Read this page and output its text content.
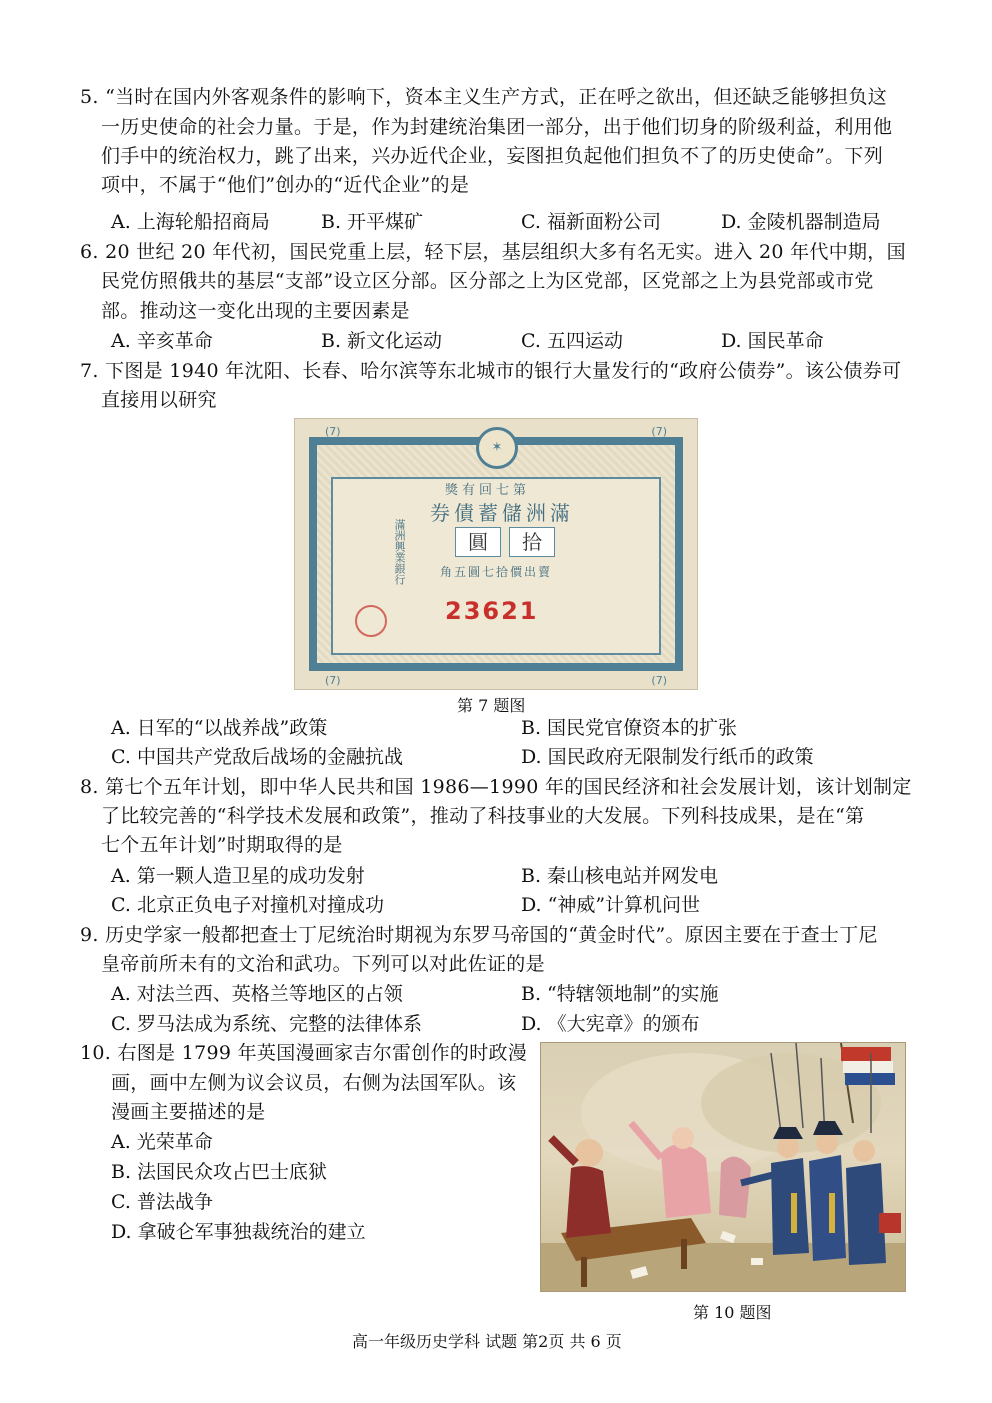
5. “当时在国内外客观条件的影响下，资本主义生产方式，正在呼之欲出，但还缺乏能够担负这
一历史使命的社会力量。于是，作为封建统治集团一部分，出于他们切身的阶级利益，利用他
们手中的统治权力，跳了出来，兴办近代企业，妄图担负起他们担负不了的历史使命”。下列
项中，不属于“他们”创办的“近代企业”的是
A. 上海轮船招商局	B. 开平煤矿	C. 福新面粉公司	D. 金陵机器制造局
6. 20 世纪 20 年代初，国民党重上层，轻下层，基层组织大多有名无实。进入 20 年代中期，国
民党仿照俄共的基层“支部”设立区分部。区分部之上为区党部，区党部之上为县党部或市党
部。推动这一变化出现的主要因素是
A. 辛亥革命	B. 新文化运动	C. 五四运动	D. 国民革命
7. 下图是 1940 年沈阳、长春、哈尔滨等东北城市的银行大量发行的“政府公债券”。该公债券可
直接用以研究
(7)	(7)
(7)	(7)
✶
獎有回七第
券債蓄儲洲滿
圓	拾
角五圓七拾價出賣
滿洲興業銀行
23621
第 7 题图
A. 日军的“以战养战”政策	B. 国民党官僚资本的扩张
C. 中国共产党敌后战场的金融抗战	D. 国民政府无限制发行纸币的政策
8. 第七个五年计划，即中华人民共和国 1986—1990 年的国民经济和社会发展计划，该计划制定
了比较完善的“科学技术发展和政策”，推动了科技事业的大发展。下列科技成果，是在“第
七个五年计划”时期取得的是
A. 第一颗人造卫星的成功发射	B. 秦山核电站并网发电
C. 北京正负电子对撞机对撞成功	D. “神威”计算机问世
9. 历史学家一般都把查士丁尼统治时期视为东罗马帝国的“黄金时代”。原因主要在于查士丁尼
皇帝前所未有的文治和武功。下列可以对此佐证的是
A. 对法兰西、英格兰等地区的占领	B. “特辖领地制”的实施
C. 罗马法成为系统、完整的法律体系	D. 《大宪章》的颁布
10. 右图是 1799 年英国漫画家吉尔雷创作的时政漫
画，画中左侧为议会议员，右侧为法国军队。该
漫画主要描述的是
A. 光荣革命
B. 法国民众攻占巴士底狱
C. 普法战争
D. 拿破仑军事独裁统治的建立
第 10 题图
高一年级历史学科 试题 第2页 共 6 页
